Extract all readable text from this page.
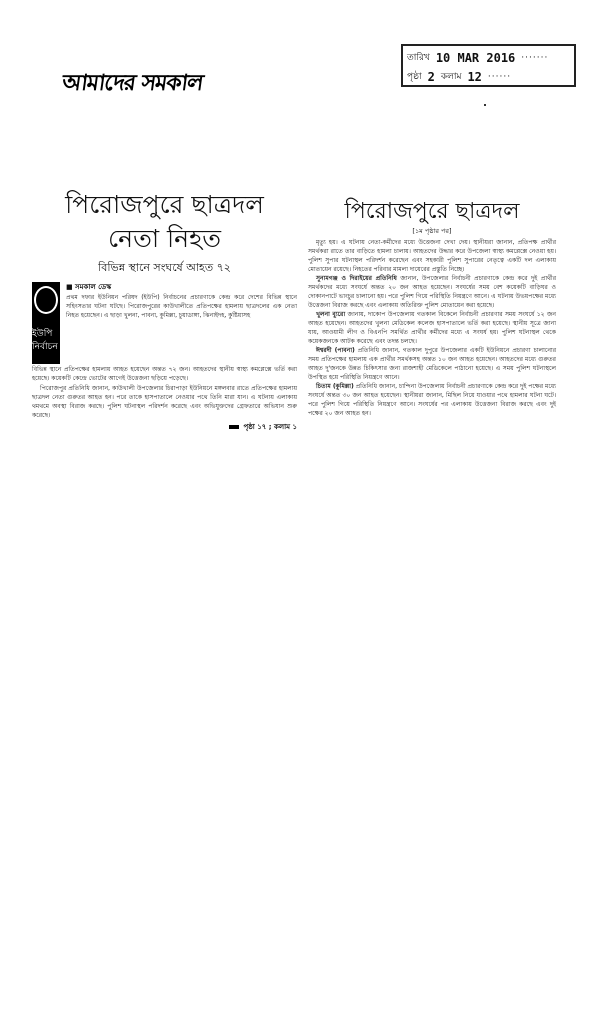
আমাদের সমকাল
তারিখ 10 MAR 2016 ·······
পৃষ্ঠা 2 কলাম 12 ······
পিরোজপুরে ছাত্রদল
নেতা নিহত
বিভিন্ন স্থানে সংঘর্ষে আহত ৭২
ইউপি নির্বাচন
■ সমকাল ডেস্ক
প্রথম দফার ইউনিয়ন পরিষদ (ইউপি) নির্বাচনের প্রচারণাকে কেন্দ্র করে দেশের বিভিন্ন স্থানে সহিংসতার ঘটনা ঘটছে। পিরোজপুরের কাউখালীতে প্রতিপক্ষের হামলায় ছাত্রদলের এক নেতা নিহত হয়েছেন। এ ছাড়া খুলনা, পাবনা, কুমিল্লা, চুয়াডাঙ্গা, ঝিনাইদহ, কুষ্টিয়াসহ
বিভিন্ন স্থানে প্রতিপক্ষের হামলায় আহত হয়েছেন অন্তত ৭২ জন। আহতদের স্থানীয় স্বাস্থ্য কমপ্লেক্সে ভর্তি করা হয়েছে। কয়েকটি কেন্দ্রে ভোটের আগেই উত্তেজনা ছড়িয়ে পড়েছে।
পিরোজপুর প্রতিনিধি জানান, কাউখালী উপজেলার চিরাপাড়া ইউনিয়নে মঙ্গলবার রাতে প্রতিপক্ষের হামলায় ছাত্রদল নেতা গুরুতর আহত হন। পরে তাকে হাসপাতালে নেওয়ার পথে তিনি মারা যান। এ ঘটনায় এলাকায় থমথমে অবস্থা বিরাজ করছে। পুলিশ ঘটনাস্থল পরিদর্শন করেছে এবং অভিযুক্তদের গ্রেফতারে অভিযান শুরু করেছে।
পৃষ্ঠা ১৭ ; কলাম ১
পিরোজপুরে ছাত্রদল
[১ম পৃষ্ঠার পর]

মৃত্যু হয়। এ ঘটনায় নেতা-কর্মীদের মধ্যে উত্তেজনা দেখা দেয়। স্থানীয়রা জানান, প্রতিপক্ষ প্রার্থীর সমর্থকরা রাতে তার বাড়িতে হামলা চালায়। আহতদের উদ্ধার করে উপজেলা স্বাস্থ্য কমপ্লেক্সে নেওয়া হয়। পুলিশ সুপার ঘটনাস্থল পরিদর্শন করেছেন এবং সহকারী পুলিশ সুপারের নেতৃত্বে একটি দল এলাকায় মোতায়েন রয়েছে। নিহতের পরিবার মামলা দায়েরের প্রস্তুতি নিচ্ছে।

সুনামগঞ্জ ও দিরাইয়ের প্রতিনিধি জানান, উপজেলার নির্বাচনী প্রচারণাকে কেন্দ্র করে দুই প্রার্থীর সমর্থকদের মধ্যে সংঘর্ষে অন্তত ২০ জন আহত হয়েছেন। সংঘর্ষের সময় বেশ কয়েকটি বাড়িঘর ও দোকানপাটে ভাংচুর চালানো হয়। পরে পুলিশ গিয়ে পরিস্থিতি নিয়ন্ত্রণে আনে। এ ঘটনায় উভয়পক্ষের মধ্যে উত্তেজনা বিরাজ করছে এবং এলাকায় অতিরিক্ত পুলিশ মোতায়েন করা হয়েছে।

খুলনা ব্যুরো জানায়, দাকোপ উপজেলায় গতকাল বিকেলে নির্বাচনী প্রচারণার সময় সংঘর্ষে ১২ জন আহত হয়েছেন। আহতদের খুলনা মেডিকেল কলেজ হাসপাতালে ভর্তি করা হয়েছে। স্থানীয় সূত্রে জানা যায়, আওয়ামী লীগ ও বিএনপি সমর্থিত প্রার্থীর কর্মীদের মধ্যে এ সংঘর্ষ হয়। পুলিশ ঘটনাস্থল থেকে কয়েকজনকে আটক করেছে এবং তদন্ত চলছে।

ঈশ্বরদী (পাবনা) প্রতিনিধি জানান, গতকাল দুপুরে উপজেলার একটি ইউনিয়নে প্রচারণা চালানোর সময় প্রতিপক্ষের হামলায় এক প্রার্থীর সমর্থকসহ অন্তত ১০ জন আহত হয়েছেন। আহতদের মধ্যে গুরুতর আহত দু'জনকে উন্নত চিকিৎসার জন্য রাজশাহী মেডিকেলে পাঠানো হয়েছে। এ সময় পুলিশ ঘটনাস্থলে উপস্থিত হয়ে পরিস্থিতি নিয়ন্ত্রণে আনে।

চিতাম (কুমিল্লা) প্রতিনিধি জানান, চান্দিনা উপজেলায় নির্বাচনী প্রচারণাকে কেন্দ্র করে দুই পক্ষের মধ্যে সংঘর্ষে অন্তত ৩০ জন আহত হয়েছেন। স্থানীয়রা জানান, মিছিল নিয়ে যাওয়ার পথে হামলার ঘটনা ঘটে। পরে পুলিশ গিয়ে পরিস্থিতি নিয়ন্ত্রণে আনে। সংঘর্ষের পর এলাকায় উত্তেজনা বিরাজ করছে এবং দুই পক্ষের ২০ জন আহত হন।
